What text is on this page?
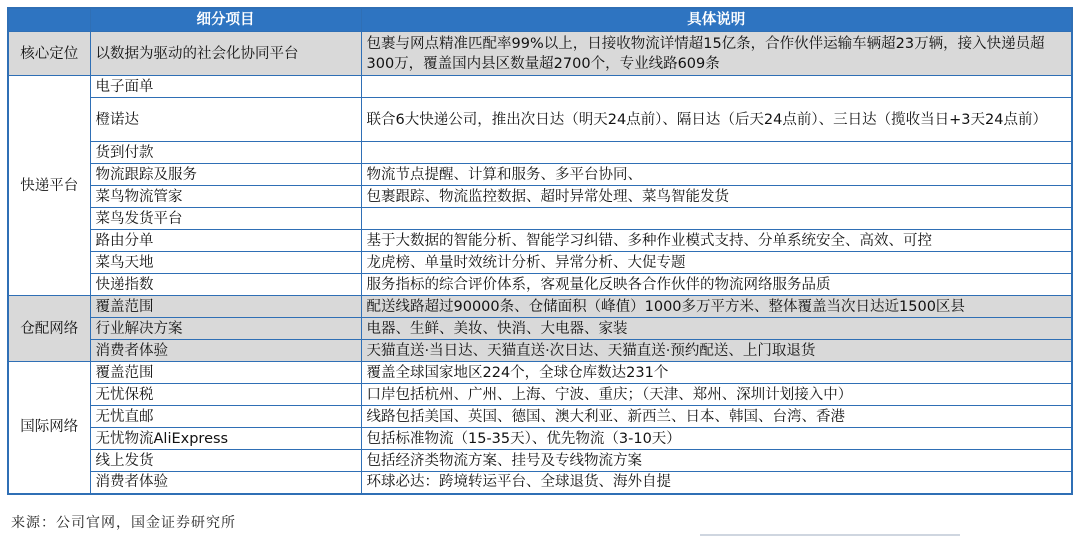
	细分项目	具体说明
核心定位	以数据为驱动的社会化协同平台	包裹与网点精准匹配率99%以上，日接收物流详情超15亿条，合作伙伴运输车辆超23万辆，接入快递员超300万，覆盖国内县区数量超2700个，专业线路609条
快递平台	电子面单	
	橙诺达	联合6大快递公司，推出次日达（明天24点前）、隔日达（后天24点前）、三日达（揽收当日+3天24点前）
	货到付款	
	物流跟踪及服务	物流节点提醒、计算和服务、多平台协同、
	菜鸟物流管家	包裹跟踪、物流监控数据、超时异常处理、菜鸟智能发货
	菜鸟发货平台	
	路由分单	基于大数据的智能分析、智能学习纠错、多种作业模式支持、分单系统安全、高效、可控
	菜鸟天地	龙虎榜、单量时效统计分析、异常分析、大促专题
	快递指数	服务指标的综合评价体系，客观量化反映各合作伙伴的物流网络服务品质
仓配网络	覆盖范围	配送线路超过90000条、仓储面积（峰值）1000多万平方米、整体覆盖当次日达近1500区县
	行业解决方案	电器、生鲜、美妆、快消、大电器、家装
	消费者体验	天猫直送·当日达、天猫直送·次日达、天猫直送·预约配送、上门取退货
国际网络	覆盖范围	覆盖全球国家地区224个，全球仓库数达231个
	无忧保税	口岸包括杭州、广州、上海、宁波、重庆；（天津、郑州、深圳计划接入中）
	无忧直邮	线路包括美国、英国、德国、澳大利亚、新西兰、日本、韩国、台湾、香港
	无忧物流AliExpress	包括标准物流（15-35天）、优先物流（3-10天）
	线上发货	包括经济类物流方案、挂号及专线物流方案
	消费者体验	环球必达：跨境转运平台、全球退货、海外自提
来源：公司官网，国金证券研究所
